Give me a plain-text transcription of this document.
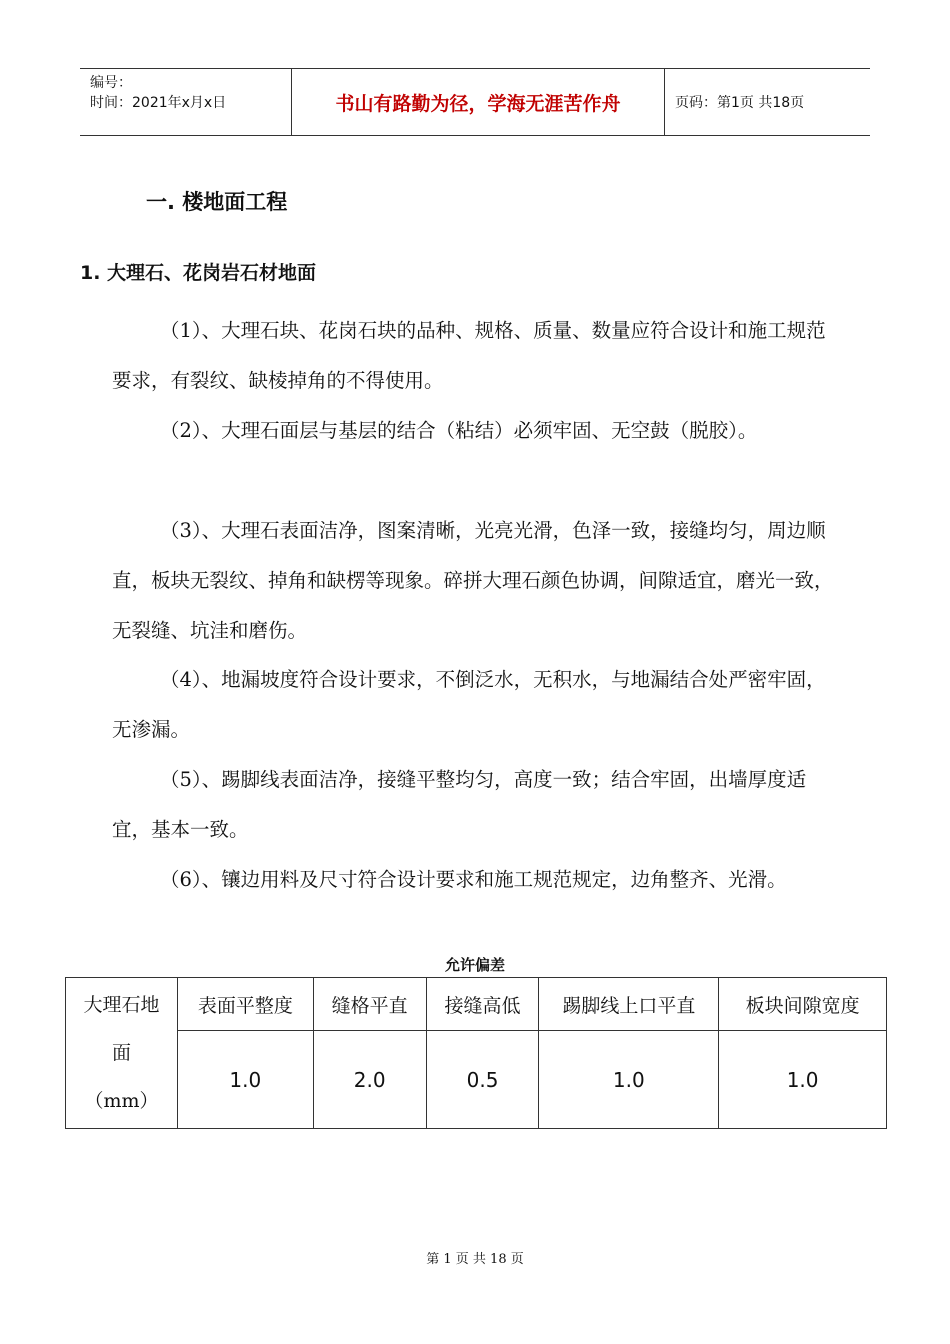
编号：
时间：2021年x月x日	书山有路勤为径，学海无涯苦作舟	页码：第1页 共18页
一. 楼地面工程
1. 大理石、花岗岩石材地面

（1）、大理石块、花岗石块的品种、规格、质量、数量应符合设计和施工规范要求，有裂纹、缺棱掉角的不得使用。

（2）、大理石面层与基层的结合（粘结）必须牢固、无空鼓（脱胶）。

（3）、大理石表面洁净，图案清晰，光亮光滑，色泽一致，接缝均匀，周边顺直，板块无裂纹、掉角和缺楞等现象。碎拼大理石颜色协调，间隙适宜，磨光一致，无裂缝、坑洼和磨伤。

（4）、地漏坡度符合设计要求，不倒泛水，无积水，与地漏结合处严密牢固，无渗漏。

（5）、踢脚线表面洁净，接缝平整均匀，高度一致；结合牢固，出墙厚度适宜，基本一致。

（6）、镶边用料及尺寸符合设计要求和施工规范规定，边角整齐、光滑。

允许偏差
大理石地
面
（mm）	表面平整度	缝格平直	接缝高低	踢脚线上口平直	板块间隙宽度
	1.0	2.0	0.5	1.0	1.0
第 1 页 共 18 页
